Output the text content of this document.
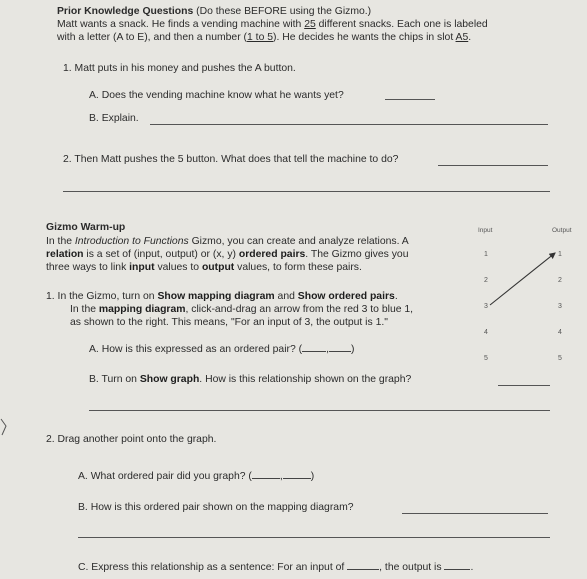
Prior Knowledge Questions (Do these BEFORE using the Gizmo.)
Matt wants a snack. He finds a vending machine with 25 different snacks. Each one is labeled
with a letter (A to E), and then a number (1 to 5). He decides he wants the chips in slot A5.
1. Matt puts in his money and pushes the A button.
A. Does the vending machine know what he wants yet?
B. Explain.
2. Then Matt pushes the 5 button. What does that tell the machine to do?
Gizmo Warm-up
In the Introduction to Functions Gizmo, you can create and analyze relations. A
relation is a set of (input, output) or (x, y) ordered pairs. The Gizmo gives you
three ways to link input values to output values, to form these pairs.
1. In the Gizmo, turn on Show mapping diagram and Show ordered pairs.
In the mapping diagram, click-and-drag an arrow from the red 3 to blue 1,
as shown to the right. This means, "For an input of 3, the output is 1."
A. How is this expressed as an ordered pair? ( , )
B. Turn on Show graph. How is this relationship shown on the graph?
2. Drag another point onto the graph.
A. What ordered pair did you graph? (	,	)
B. How is this ordered pair shown on the mapping diagram?
C. Express this relationship as a sentence: For an input of	, the output is	.
Input	Output
1
2
3
4
5
1
2
3
4
5
